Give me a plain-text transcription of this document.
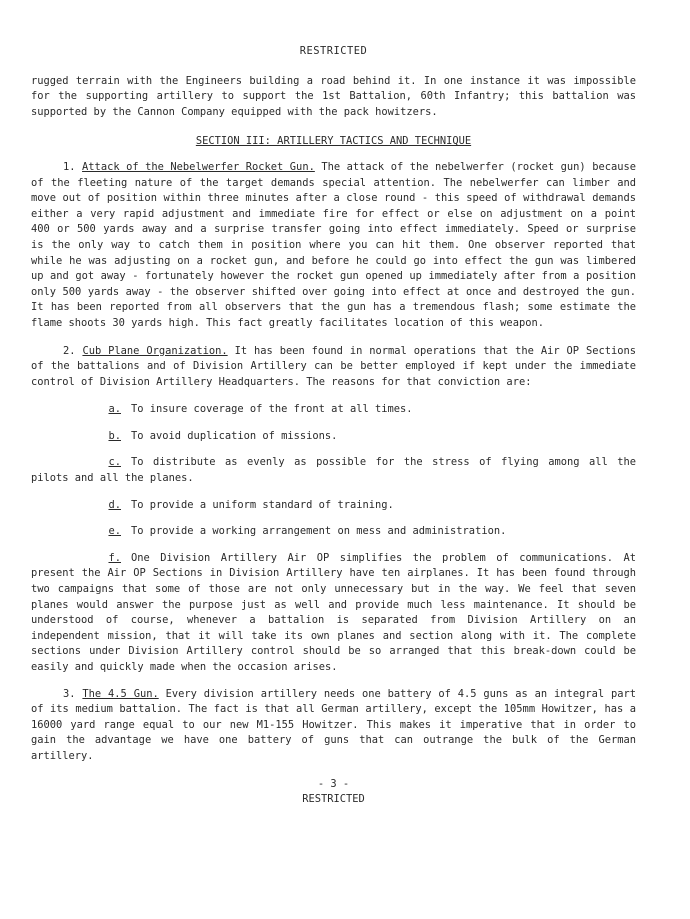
RESTRICTED

rugged terrain with the Engineers building a road behind it. In one instance it was impossible for the supporting artillery to support the 1st Battalion, 60th Infantry; this battalion was supported by the Cannon Company equipped with the pack howitzers.

SECTION III: ARTILLERY TACTICS AND TECHNIQUE

1. Attack of the Nebelwerfer Rocket Gun. The attack of the nebelwerfer (rocket gun) because of the fleeting nature of the target demands special attention. The nebelwerfer can limber and move out of position within three minutes after a close round - this speed of withdrawal demands either a very rapid adjustment and immediate fire for effect or else on adjustment on a point 400 or 500 yards away and a surprise transfer going into effect immediately. Speed or surprise is the only way to catch them in position where you can hit them. One observer reported that while he was adjusting on a rocket gun, and before he could go into effect the gun was limbered up and got away - fortunately however the rocket gun opened up immediately after from a position only 500 yards away - the observer shifted over going into effect at once and destroyed the gun. It has been reported from all observers that the gun has a tremendous flash; some estimate the flame shoots 30 yards high. This fact greatly facilitates location of this weapon.

2. Cub Plane Organization. It has been found in normal operations that the Air OP Sections of the battalions and of Division Artillery can be better employed if kept under the immediate control of Division Artillery Headquarters. The reasons for that conviction are:

a. To insure coverage of the front at all times.

b. To avoid duplication of missions.

c. To distribute as evenly as possible for the stress of flying among all the pilots and all the planes.

d. To provide a uniform standard of training.

e. To provide a working arrangement on mess and administration.

f. One Division Artillery Air OP simplifies the problem of communications. At present the Air OP Sections in Division Artillery have ten airplanes. It has been found through two campaigns that some of those are not only unnecessary but in the way. We feel that seven planes would answer the purpose just as well and provide much less maintenance. It should be understood of course, whenever a battalion is separated from Division Artillery on an independent mission, that it will take its own planes and section along with it. The complete sections under Division Artillery control should be so arranged that this break-down could be easily and quickly made when the occasion arises.

3. The 4.5 Gun. Every division artillery needs one battery of 4.5 guns as an integral part of its medium battalion. The fact is that all German artillery, except the 105mm Howitzer, has a 16000 yard range equal to our new M1-155 Howitzer. This makes it imperative that in order to gain the advantage we have one battery of guns that can outrange the bulk of the German artillery.

- 3 -
RESTRICTED
